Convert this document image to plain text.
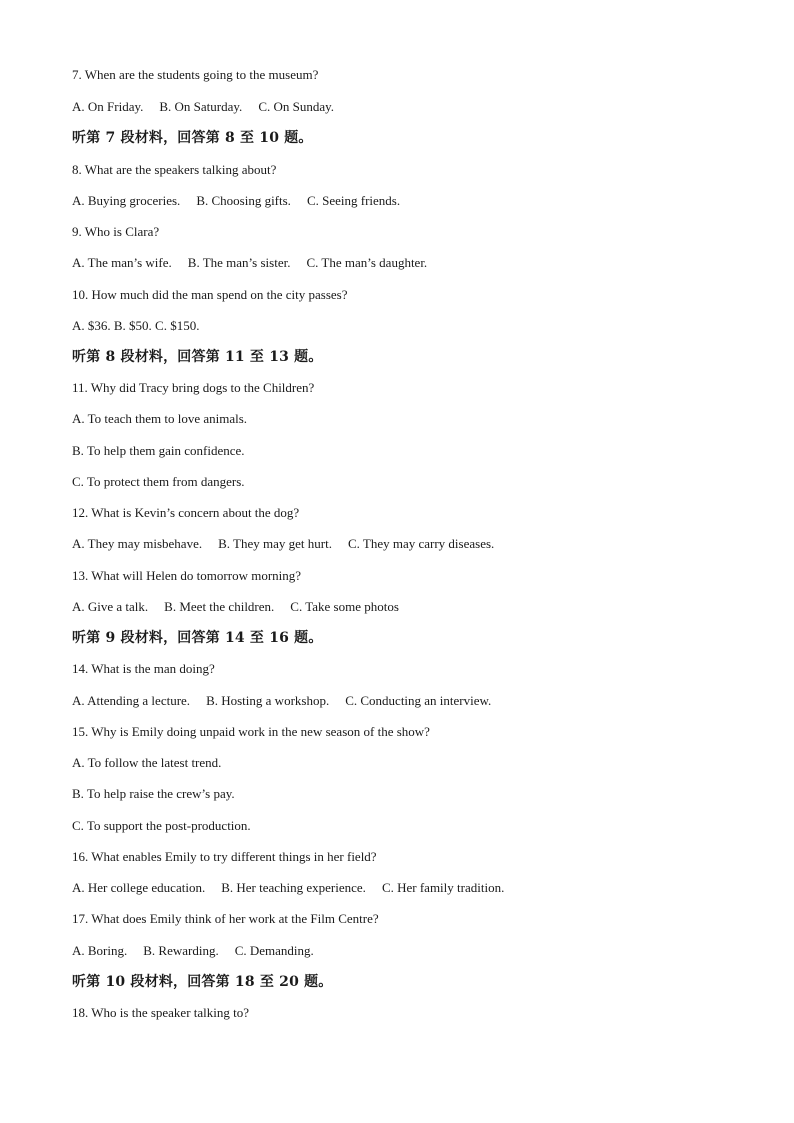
7. When are the students going to the museum?
A. On Friday. B. On Saturday. C. On Sunday.
听第 7 段材料，回答第 8 至 10 题。
8. What are the speakers talking about?
A. Buying groceries. B. Choosing gifts. C. Seeing friends.
9. Who is Clara?
A. The man’s wife. B. The man’s sister. C. The man’s daughter.
10. How much did the man spend on the city passes?
A. $36. B. $50. C. $150.
听第 8 段材料，回答第 11 至 13 题。
11. Why did Tracy bring dogs to the Children?
A. To teach them to love animals.
B. To help them gain confidence.
C. To protect them from dangers.
12. What is Kevin’s concern about the dog?
A. They may misbehave. B. They may get hurt. C. They may carry diseases.
13. What will Helen do tomorrow morning?
A. Give a talk. B. Meet the children. C. Take some photos
听第 9 段材料，回答第 14 至 16 题。
14. What is the man doing?
A. Attending a lecture. B. Hosting a workshop. C. Conducting an interview.
15. Why is Emily doing unpaid work in the new season of the show?
A. To follow the latest trend.
B. To help raise the crew’s pay.
C. To support the post-production.
16. What enables Emily to try different things in her field?
A. Her college education. B. Her teaching experience. C. Her family tradition.
17. What does Emily think of her work at the Film Centre?
A. Boring. B. Rewarding. C. Demanding.
听第 10 段材料，回答第 18 至 20 题。
18. Who is the speaker talking to?
